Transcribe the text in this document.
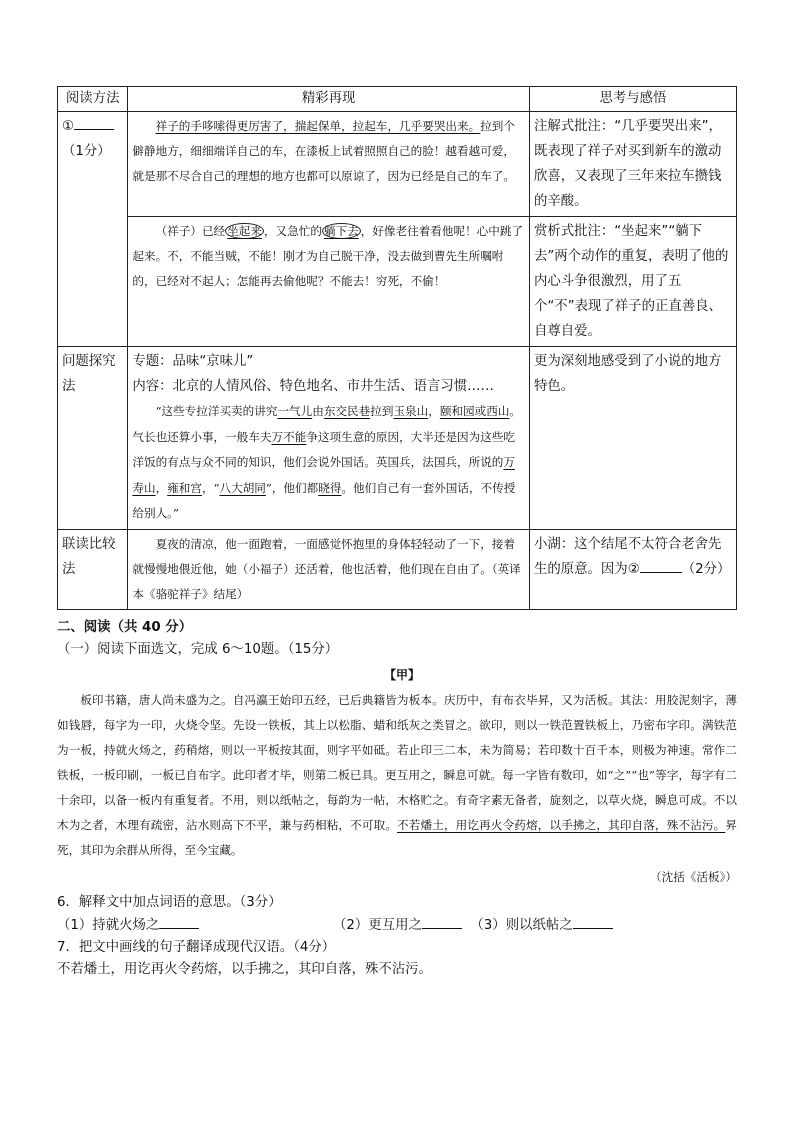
阅读方法	精彩再现	思考与感悟

①
（1分）	祥子的手哆嗦得更厉害了，揣起保单，拉起车，几乎要哭出来。拉到个僻静地方，细细端详自己的车，在漆板上试着照照自己的脸！越看越可爱，就是那不尽合自己的理想的地方也都可以原谅了，因为已经是自己的车了。	注解式批注：“几乎要哭出来”，既表现了祥子对买到新车的激动欣喜，又表现了三年来拉车攒钱的辛酸。

	（祥子）已经 坐起来 ，又急忙的 躺下去 ，好像老往着看他呢！心中跳了起来。不，不能当贼，不能！刚才为自己脱干净，没去做到曹先生所嘱咐的，已经对不起人；怎能再去偷他呢？不能去！穷死，不偷！	赏析式批注：“坐起来”“躺下去”两个动作的重复，表明了他的内心斗争很激烈，用了五个“不”表现了祥子的正直善良、自尊自爱。
问题探究法	专题：品味“京味儿”
内容：北京的人情风俗、特色地名、市井生活、语言习惯……

“这些专拉洋买卖的讲究一气儿由东交民巷拉到玉泉山，颐和园或西山。气长也还算小事，一般车夫万不能争这项生意的原因，大半还是因为这些吃洋饭的有点与众不同的知识，他们会说外国话。英国兵，法国兵，所说的万寿山，雍和宫，“八大胡同”，他们都晓得。他们自己有一套外国话，不传授给别人。”	更为深刻地感受到了小说的地方特色。
联读比较法	夏夜的清凉，他一面跑着，一面感觉怀抱里的身体轻轻动了一下，接着就慢慢地偎近他，她（小福子）还活着，他也活着，他们现在自由了。（英译本《骆驼祥子》结尾）	小湖：这个结尾不太符合老舍先生的原意。因为② （2分）
二、阅读（共 40 分）
（一）阅读下面选文，完成 6～10题。（15分）
【甲】

板印书籍，唐人尚未盛为之。自冯瀛王始印五经，已后典籍皆为板本。庆历中，有布衣毕昇，又为活板。其法：用胶泥刻字，薄如钱唇，每字为一印，火烧令坚。先设一铁板，其上以松脂、蜡和纸灰之类冒之。欲印，则以一铁范置铁板上，乃密布字印。满铁范为一板，持就火炀之，药稍熔，则以一平板按其面，则字平如砥。若止印三二本，未为简易；若印数十百千本，则极为神速。常作二铁板，一板印刷，一板已自布字。此印者才毕，则第二板已具。更互用之，瞬息可就。每一字皆有数印，如“之”“也”等字，每字有二十余印，以备一板内有重复者。不用，则以纸帖之，每韵为一帖，木格贮之。有奇字素无备者，旋刻之，以草火烧，瞬息可成。不以木为之者，木理有疏密，沾水则高下不平，兼与药相粘，不可取。不若燔土，用讫再火令药熔，以手拂之，其印自落，殊不沾污。昇死，其印为余群从所得，至今宝藏。

（沈括《活板》）
6．解释文中加点词语的意思。（3分）
（1）持就火炀之	（2）更互用之	（3）则以纸帖之
7．把文中画线的句子翻译成现代汉语。（4分）
不若燔土，用讫再火令药熔，以手拂之，其印自落，殊不沾污。
